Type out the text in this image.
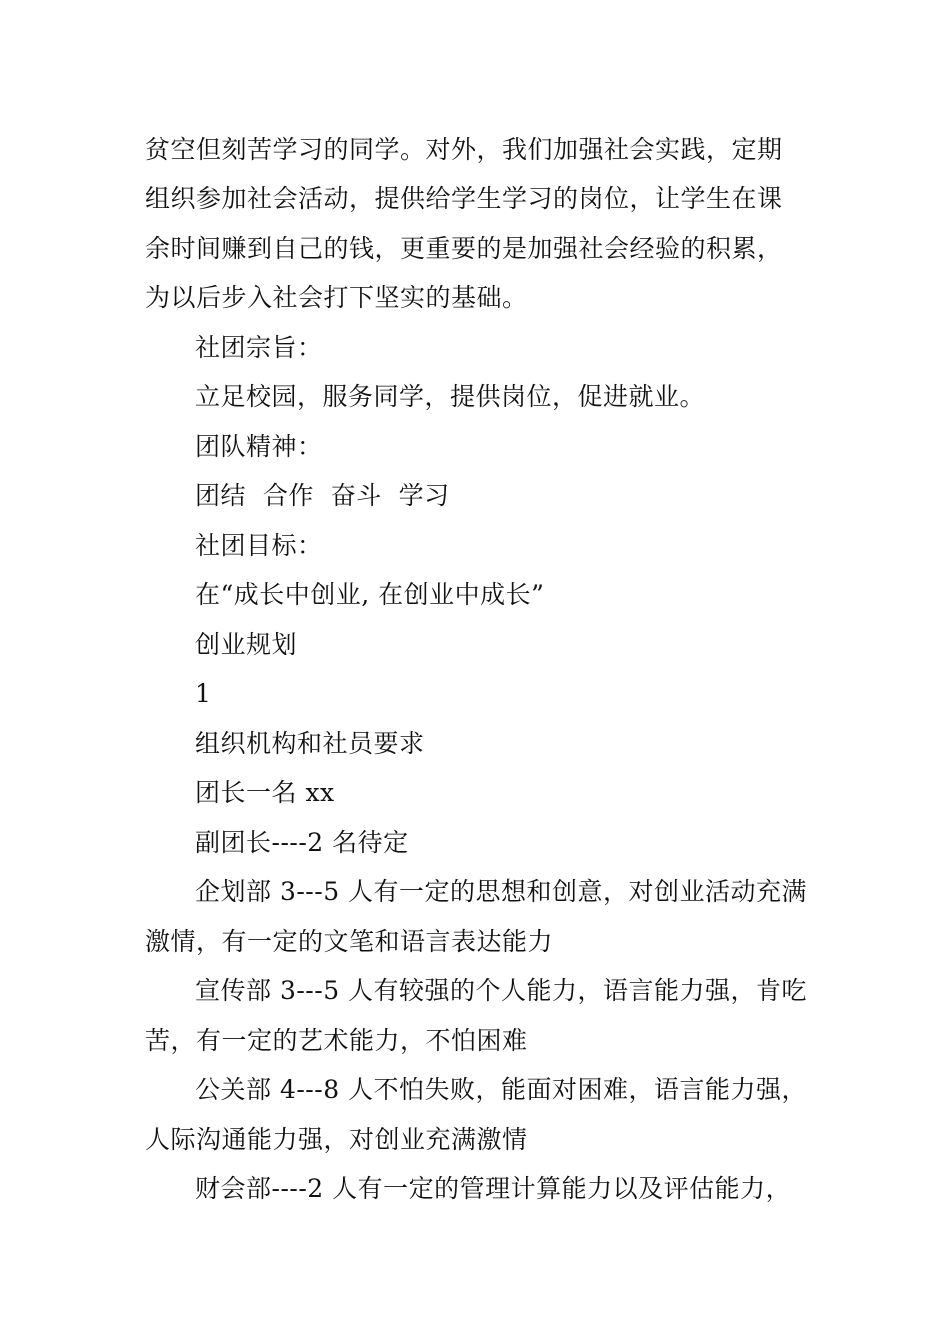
贫空但刻苦学习的同学。对外，我们加强社会实践，定期
组织参加社会活动，提供给学生学习的岗位，让学生在课
余时间赚到自己的钱，更重要的是加强社会经验的积累，
为以后步入社会打下坚实的基础。
社团宗旨：
立足校园，服务同学，提供岗位，促进就业。
团队精神：
团结  合作  奋斗  学习
社团目标：
在“成长中创业, 在创业中成长”
创业规划
1
组织机构和社员要求
团长一名 xx
副团长----2 名待定
企划部 3---5 人有一定的思想和创意，对创业活动充满
激情，有一定的文笔和语言表达能力
宣传部 3---5 人有较强的个人能力，语言能力强，肯吃
苦，有一定的艺术能力，不怕困难
公关部 4---8 人不怕失败，能面对困难，语言能力强，
人际沟通能力强，对创业充满激情
财会部----2 人有一定的管理计算能力以及评估能力，
